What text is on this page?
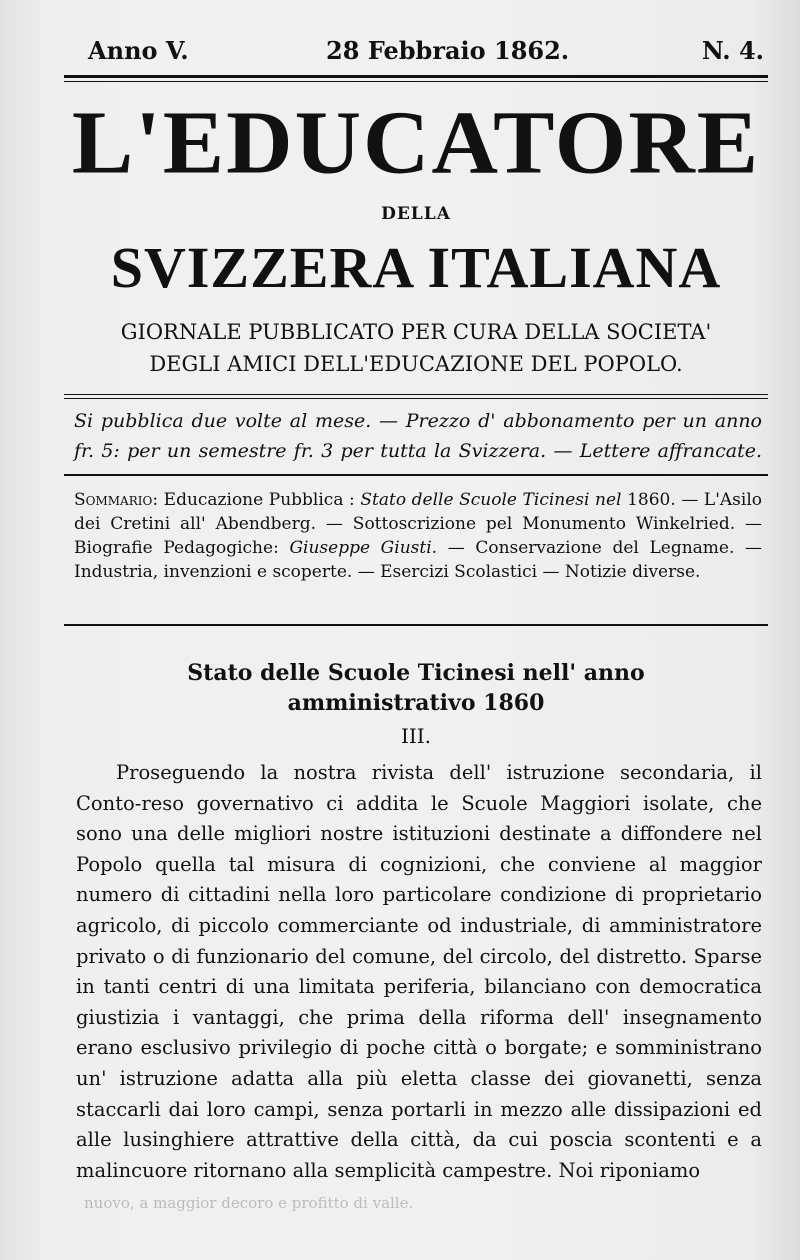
Anno V.	28 Febbraio 1862.	N. 4.
L'EDUCATORE
DELLA
SVIZZERA ITALIANA
GIORNALE PUBBLICATO PER CURA DELLA SOCIETA'
DEGLI AMICI DELL'EDUCAZIONE DEL POPOLO.
Si pubblica due volte al mese. — Prezzo d' abbonamento per un anno
fr. 5: per un semestre fr. 3 per tutta la Svizzera. — Lettere affrancate.
Sommario: Educazione Pubblica : Stato delle Scuole Ticinesi nel 1860. — L'Asilo dei Cretini all' Abendberg. — Sottoscrizione pel Monumento Winkelried. — Biografie Pedagogiche: Giuseppe Giusti. — Conservazione del Legname. — Industria, invenzioni e scoperte. — Esercizi Scolastici — Notizie diverse.
Stato delle Scuole Ticinesi nell' anno
amministrativo 1860
III.
Proseguendo la nostra rivista dell' istruzione secondaria, il Conto-reso governativo ci addita le Scuole Maggiori isolate, che sono una delle migliori nostre istituzioni destinate a diffondere nel Popolo quella tal misura di cognizioni, che conviene al maggior numero di cittadini nella loro particolare condizione di proprietario agricolo, di piccolo commerciante od industriale, di amministratore privato o di funzionario del comune, del circolo, del distretto. Sparse in tanti centri di una limitata periferia, bilanciano con democratica giustizia i vantaggi, che prima della riforma dell' insegnamento erano esclusivo privilegio di poche città o borgate; e somministrano un' istruzione adatta alla più eletta classe dei giovanetti, senza staccarli dai loro campi, senza portarli in mezzo alle dissipazioni ed alle lusinghiere attrattive della città, da cui poscia scontenti e a malincuore ritornano alla semplicità campestre. Noi riponiamo
nuovo, a maggior decoro e profitto di valle.
